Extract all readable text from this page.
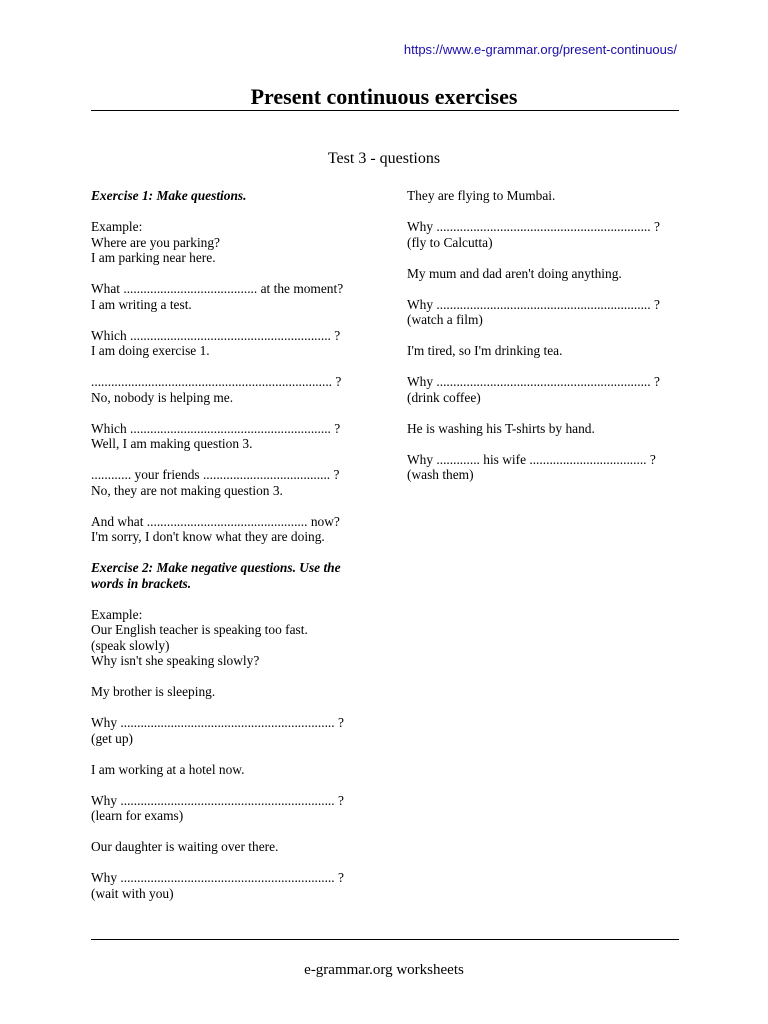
https://www.e-grammar.org/present-continuous/
Present continuous exercises
Test 3 - questions

Exercise 1: Make questions.

Example:
Where are you parking?
I am parking near here.

What ........................................ at the moment?
I am writing a test.

Which ............................................................ ?
I am doing exercise 1.

........................................................................ ?
No, nobody is helping me.

Which ............................................................ ?
Well, I am making question 3.

............ your friends ...................................... ?
No, they are not making question 3.

And what ................................................ now?
I'm sorry, I don't know what they are doing.

Exercise 2: Make negative questions. Use the words in brackets.

Example:
Our English teacher is speaking too fast.
(speak slowly)
Why isn't she speaking slowly?

My brother is sleeping.

Why ................................................................ ?
(get up)

I am working at a hotel now.

Why ................................................................ ?
(learn for exams)

Our daughter is waiting over there.

Why ................................................................ ?
(wait with you)

They are flying to Mumbai.

Why ................................................................ ?
(fly to Calcutta)

My mum and dad aren't doing anything.

Why ................................................................ ?
(watch a film)

I'm tired, so I'm drinking tea.

Why ................................................................ ?
(drink coffee)

He is washing his T-shirts by hand.

Why ............. his wife ................................... ?
(wash them)

e-grammar.org worksheets
